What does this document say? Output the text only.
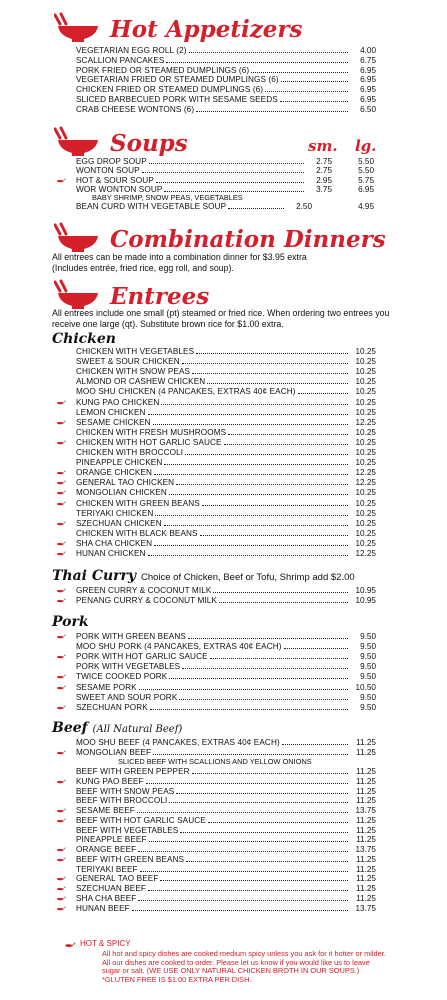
Hot Appetizers
VEGETARIAN EGG ROLL (2)	4.00
SCALLION PANCAKES	6.75
PORK FRIED OR STEAMED DUMPLINGS (6)	6.95
VEGETARIAN FRIED OR STEAMED DUMPLINGS (6)	6.95
CHICKEN FRIED OR STEAMED DUMPLINGS (6)	6.95
SLICED BARBECUED PORK WITH SESAME SEEDS	6.95
CRAB CHEESE WONTONS (6)	6.50
Soups	sm. lg.
EGG DROP SOUP	2.75	5.50
WONTON SOUP	2.75	5.50
HOT & SOUR SOUP	2.95	5.75
WOR WONTON SOUP	3.75	6.95
BABY SHRIMP, SNOW PEAS, VEGETABLES
BEAN CURD WITH VEGETABLE SOUP	2.50	4.95
Combination Dinners
All entrees can be made into a combination dinner for $3.95 extra
(Includes entrée, fried rice, egg roll, and soup).
Entrees
All entrees include one small (pt) steamed or fried rice. When ordering two entrees you
receive one large (qt). Substitute brown rice for $1.00 extra.
Chicken
CHICKEN WITH VEGETABLES	10.25
SWEET & SOUR CHICKEN	10.25
CHICKEN WITH SNOW PEAS	10.25
ALMOND OR CASHEW CHICKEN	10.25
MOO SHU CHICKEN (4 PANCAKES, EXTRAS 40¢ EACH)	10.25
KUNG PAO CHICKEN	10.25
LEMON CHICKEN	10.25
SESAME CHICKEN	12.25
CHICKEN WITH FRESH MUSHROOMS	10.25
CHICKEN WITH HOT GARLIC SAUCE	10.25
CHICKEN WITH BROCCOLI	10.25
PINEAPPLE CHICKEN	10.25
ORANGE CHICKEN	12.25
GENERAL TAO CHICKEN	12.25
MONGOLIAN CHICKEN	10.25
CHICKEN WITH GREEN BEANS	10.25
TERIYAKI CHICKEN	10.25
SZECHUAN CHICKEN	10.25
CHICKEN WITH BLACK BEANS	10.25
SHA CHA CHICKEN	10.25
HUNAN CHICKEN	12.25
Thai Curry Choice of Chicken, Beef or Tofu, Shrimp add $2.00
GREEN CURRY & COCONUT MILK	10.95
PENANG CURRY & COCONUT MILK	10.95
Pork
PORK WITH GREEN BEANS	9.50
MOO SHU PORK (4 PANCAKES, EXTRAS 40¢ EACH)	9.50
PORK WITH HOT GARLIC SAUCE	9.50
PORK WITH VEGETABLES	9.50
TWICE COOKED PORK	9.50
SESAME PORK	10.50
SWEET AND SOUR PORK	9.50
SZECHUAN PORK	9.50
Beef (All Natural Beef)
MOO SHU BEEF (4 PANCAKES, EXTRAS 40¢ EACH)	11.25
MONGOLIAN BEEF	11.25
BEEF WITH GREEN PEPPER	11.25
KUNG PAO BEEF	11.25
BEEF WITH SNOW PEAS	11.25
BEEF WITH BROCCOLI	11.25
SESAME BEEF	13.75
BEEF WITH HOT GARLIC SAUCE	11.25
BEEF WITH VEGETABLES	11.25
PINEAPPLE BEEF	11.25
ORANGE BEEF	13.75
BEEF WITH GREEN BEANS	11.25
TERIYAKI BEEF	11.25
GENERAL TAO BEEF	11.25
SZECHUAN BEEF	11.25
SHA CHA BEEF	11.25
HUNAN BEEF	13.75
SLICED BEEF WITH SCALLIONS AND YELLOW ONIONS
HOT & SPICY
All hot and spicy dishes are cooked medium spicy unless you ask for it hotter or milder.
All our dishes are cooked to order. Please let us know if you would like us to leave
sugar or salt. (WE USE ONLY NATURAL CHICKEN BROTH IN OUR SOUPS.)
*GLUTEN FREE IS $1.00 EXTRA PER DISH.
